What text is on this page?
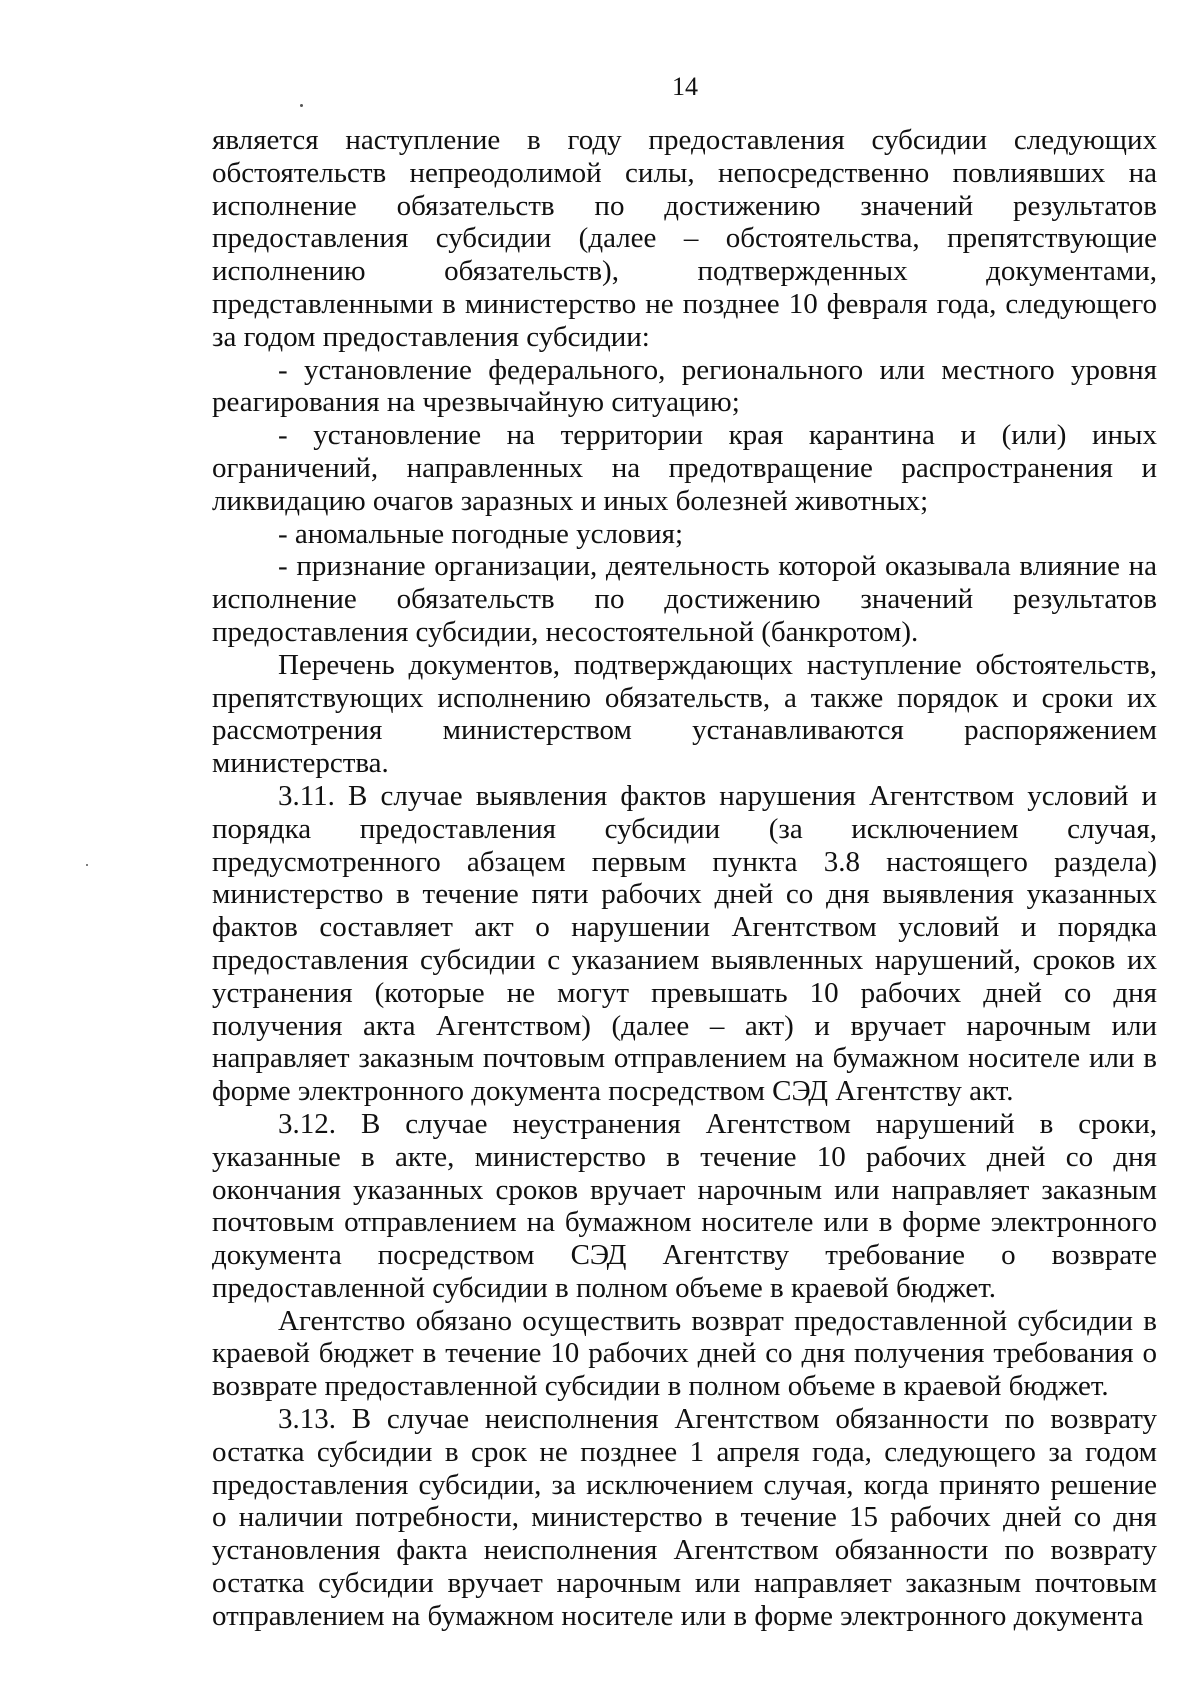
14

является наступление в году предоставления субсидии следующих обстоятельств непреодолимой силы, непосредственно повлиявших на исполнение обязательств по достижению значений результатов предоставления субсидии (далее – обстоятельства, препятствующие исполнению обязательств), подтвержденных документами, представленными в министерство не позднее 10 февраля года, следующего за годом предоставления субсидии:

- установление федерального, регионального или местного уровня реагирования на чрезвычайную ситуацию;

- установление на территории края карантина и (или) иных ограничений, направленных на предотвращение распространения и ликвидацию очагов заразных и иных болезней животных;

- аномальные погодные условия;

- признание организации, деятельность которой оказывала влияние на исполнение обязательств по достижению значений результатов предоставления субсидии, несостоятельной (банкротом).

Перечень документов, подтверждающих наступление обстоятельств, препятствующих исполнению обязательств, а также порядок и сроки их рассмотрения министерством устанавливаются распоряжением министерства.

3.11. В случае выявления фактов нарушения Агентством условий и порядка предоставления субсидии (за исключением случая, предусмотренного абзацем первым пункта 3.8 настоящего раздела) министерство в течение пяти рабочих дней со дня выявления указанных фактов составляет акт о нарушении Агентством условий и порядка предоставления субсидии с указанием выявленных нарушений, сроков их устранения (которые не могут превышать 10 рабочих дней со дня получения акта Агентством) (далее – акт) и вручает нарочным или направляет заказным почтовым отправлением на бумажном носителе или в форме электронного документа посредством СЭД Агентству акт.

3.12. В случае неустранения Агентством нарушений в сроки, указанные в акте, министерство в течение 10 рабочих дней со дня окончания указанных сроков вручает нарочным или направляет заказным почтовым отправлением на бумажном носителе или в форме электронного документа посредством СЭД Агентству требование о возврате предоставленной субсидии в полном объеме в краевой бюджет.

Агентство обязано осуществить возврат предоставленной субсидии в краевой бюджет в течение 10 рабочих дней со дня получения требования о возврате предоставленной субсидии в полном объеме в краевой бюджет.

3.13. В случае неисполнения Агентством обязанности по возврату остатка субсидии в срок не позднее 1 апреля года, следующего за годом предоставления субсидии, за исключением случая, когда принято решение о наличии потребности, министерство в течение 15 рабочих дней со дня установления факта неисполнения Агентством обязанности по возврату остатка субсидии вручает нарочным или направляет заказным почтовым отправлением на бумажном носителе или в форме электронного документа
